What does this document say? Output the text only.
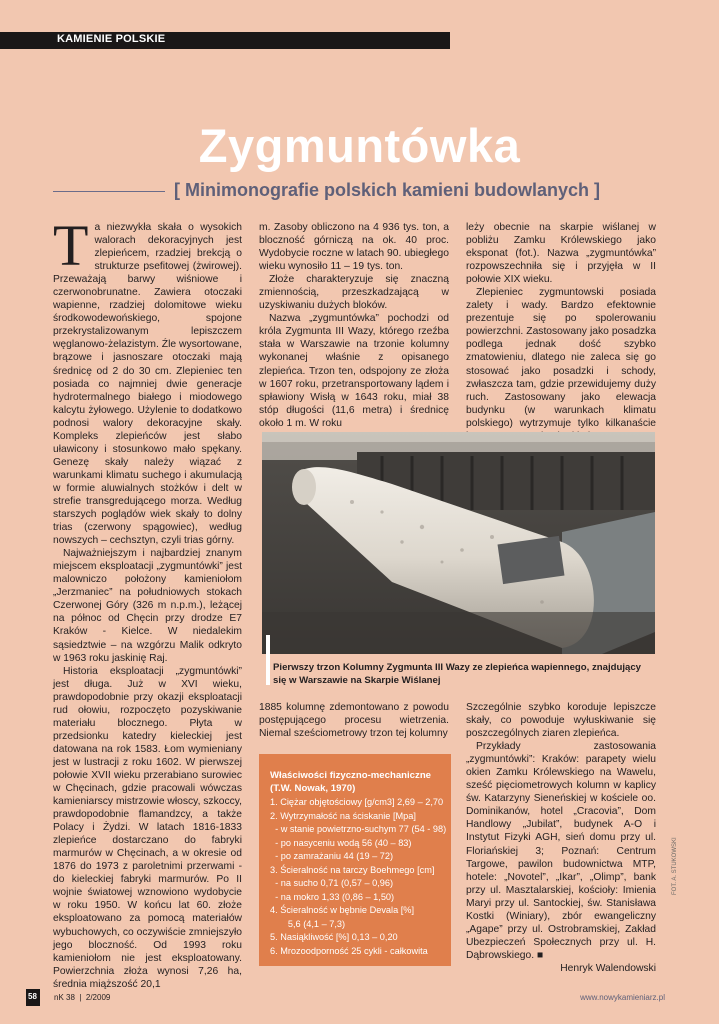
KAMIENIE POLSKIE
Zygmuntówka
[ Minimonografie polskich kamieni budowlanych ]
T a niezwykła skała o wysokich walorach dekoracyjnych jest zlepieńcem, rzadziej brekcją o strukturze psefitowej (żwirowej). Przeważają barwy wiśniowe i czerwonobrunatne. Zawiera otoczaki wapienne, rzadziej dolomitowe wieku środkowodewońskiego, spojone przekrystalizowanym lepiszczem węglanowo-żelazistym. Źle wysortowane, brązowe i jasnoszare otoczaki mają średnicę od 2 do 30 cm. Zlepieniec ten posiada co najmniej dwie generacje hydrotermalnego białego i miodowego kalcytu żyłowego. Użylenie to dodatkowo podnosi walory dekoracyjne skały. Kompleks zlepieńców jest słabo uławicony i stosunkowo mało spękany. Genezę skały należy wiązać z warunkami klimatu suchego i akumulacją w formie aluwialnych stożków i delt w strefie transgredującego morza. Według starszych poglądów wiek skały to dolny trias (czerwony spągowiec), według nowszych – cechsztyn, czyli trias górny.

Najważniejszym i najbardziej znanym miejscem eksploatacji „zygmuntówki” jest malowniczo położony kamieniołom „Jerzmaniec” na południowych stokach Czerwonej Góry (326 m n.p.m.), leżącej na północ od Chęcin przy drodze E7 Kraków - Kielce. W niedalekim sąsiedztwie – na wzgórzu Malik odkryto w 1963 roku jaskinię Raj.

Historia eksploatacji „zygmuntówki” jest długa. Już w XVI wieku, prawdopodobnie przy okazji eksploatacji rud ołowiu, rozpoczęto pozyskiwanie materiału blocznego. Płyta w przedsionku katedry kieleckiej jest datowana na rok 1583. Łom wymieniany jest w lustracji z roku 1602. W pierwszej połowie XVII wieku przerabiano surowiec w Chęcinach, gdzie pracowali wówczas kamieniarscy mistrzowie włoscy, szkoccy, prawdopodobnie flamandzcy, a także Polacy i Żydzi. W latach 1816-1833 zlepieńce dostarczano do fabryki marmurów w Chęcinach, a w okresie od 1876 do 1973 z paroletnimi przerwami - do kieleckiej fabryki marmurów. Po II wojnie światowej wznowiono wydobycie w roku 1950. W końcu lat 60. złoże eksploatowano za pomocą materiałów wybuchowych, co oczywiście zmniejszyło jego bloczność. Od 1993 roku kamieniołom nie jest eksploatowany. Powierzchnia złoża wynosi 7,26 ha, średnia miąższość 20,1

m. Zasoby obliczono na 4 936 tys. ton, a bloczność górniczą na ok. 40 proc. Wydobycie roczne w latach 90. ubiegłego wieku wynosiło 11 – 19 tys. ton.

Złoże charakteryzuje się znaczną zmiennością, przeszkadzającą w uzyskiwaniu dużych bloków.

Nazwa „zygmuntówka” pochodzi od króla Zygmunta III Wazy, którego rzeźba stała w Warszawie na trzonie kolumny wykonanej właśnie z opisanego zlepieńca. Trzon ten, odspojony ze złoża w 1607 roku, przetransportowany lądem i spławiony Wisłą w 1643 roku, miał 38 stóp długości (11,6 metra) i średnicę około 1 m. W roku

leży obecnie na skarpie wiślanej w pobliżu Zamku Królewskiego jako eksponat (fot.). Nazwa „zygmuntówka” rozpowszechniła się i przyjęła w II połowie XIX wieku.

Zlepieniec zygmuntowski posiada zalety i wady. Bardzo efektownie prezentuje się po spolerowaniu powierzchni. Zastosowany jako posadzka podlega jednak dość szybko zmatowieniu, dlatego nie zaleca się go stosować jako posadzki i schody, zwłaszcza tam, gdzie przewidujemy duży ruch. Zastosowany jako elewacja budynku (w warunkach klimatu polskiego) wytrzymuje tylko kilkanaście

Pierwszy trzon Kolumny Zygmunta III Wazy ze zlepieńca wapiennego, znajdujący się w Warszawie na Skarpie Wiślanej

1885 kolumnę zdemontowano z powodu postępującego procesu wietrzenia. Niemal sześciometrowy trzon tej kolumny

Właściwości fizyczno-mechaniczne
(T.W. Nowak, 1970)
1. Ciężar objętościowy [g/cm3] 2,69 – 2,70
2. Wytrzymałość na ściskanie [Mpa]
- w stanie powietrzno-suchym 77 (54 - 98)
- po nasyceniu wodą 56 (40 – 83)
- po zamrażaniu 44 (19 – 72)
3. Ścieralność na tarczy Boehmego [cm]
- na sucho 0,71 (0,57 – 0,96)
- na mokro 1,33 (0,86 – 1,50)
4. Ścieralność w bębnie Devala [%]
5,6 (4,1 – 7,3)
5. Nasiąkliwość [%] 0,13 – 0,20
6. Mrozoodporność 25 cykli - całkowita

Szczególnie szybko koroduje lepiszcze skały, co powoduje wyłuskiwanie się poszczególnych ziaren zlepieńca.

Przykłady zastosowania „zygmuntówki”: Kraków: parapety wielu okien Zamku Królewskiego na Wawelu, sześć pięciometrowych kolumn w kaplicy św. Katarzyny Sieneńskiej w kościele oo. Dominikanów, hotel „Cracovia”, Dom Handlowy „Jubilat”, budynek A-O i Instytut Fizyki AGH, sień domu przy ul. Floriańskiej 3; Poznań: Centrum Targowe, pawilon budownictwa MTP, hotele: „Novotel”, „Ikar”, „Olimp”, bank przy ul. Masztalarskiej, kościoły: Imienia Maryi przy ul. Santockiej, św. Stanisława Kostki (Winiary), zbór ewangeliczny „Agape” przy ul. Ostrobramskiej, Zakład Ubezpieczeń Społecznych przy ul. H. Dąbrowskiego. ■

Henryk Walendowski
FOT. A. STUKOWSKI
58 nK 38  |  2/2009	www.nowykamieniarz.pl
